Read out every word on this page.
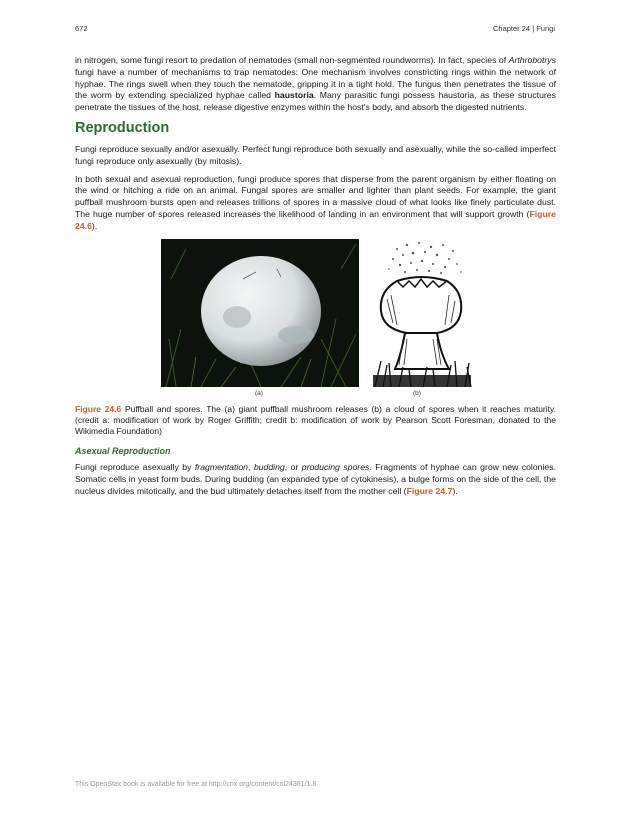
672	Chapter 24 | Fungi

in nitrogen, some fungi resort to predation of nematodes (small non-segmented roundworms). In fact, species of Arthrobotrys fungi have a number of mechanisms to trap nematodes: One mechanism involves constricting rings within the network of hyphae. The rings swell when they touch the nematode, gripping it in a tight hold. The fungus then penetrates the tissue of the worm by extending specialized hyphae called haustoria. Many parasitic fungi possess haustoria, as these structures penetrate the tissues of the host, release digestive enzymes within the host's body, and absorb the digested nutrients.

Reproduction

Fungi reproduce sexually and/or asexually. Perfect fungi reproduce both sexually and asexually, while the so-called imperfect fungi reproduce only asexually (by mitosis).

In both sexual and asexual reproduction, fungi produce spores that disperse from the parent organism by either floating on the wind or hitching a ride on an animal. Fungal spores are smaller and lighter than plant seeds. For example, the giant puffball mushroom bursts open and releases trillions of spores in a massive cloud of what looks like finely particulate dust. The huge number of spores released increases the likelihood of landing in an environment that will support growth (Figure 24.6).

(a)	(b)

Figure 24.6 Puffball and spores. The (a) giant puffball mushroom releases (b) a cloud of spores when it reaches maturity. (credit a: modification of work by Roger Griffith; credit b: modification of work by Pearson Scott Foresman, donated to the Wikimedia Foundation)

Asexual Reproduction

Fungi reproduce asexually by fragmentation, budding, or producing spores. Fragments of hyphae can grow new colonies. Somatic cells in yeast form buds. During budding (an expanded type of cytokinesis), a bulge forms on the side of the cell, the nucleus divides mitotically, and the bud ultimately detaches itself from the mother cell (Figure 24.7).

This OpenStax book is available for free at http://cnx.org/content/col24361/1.8
